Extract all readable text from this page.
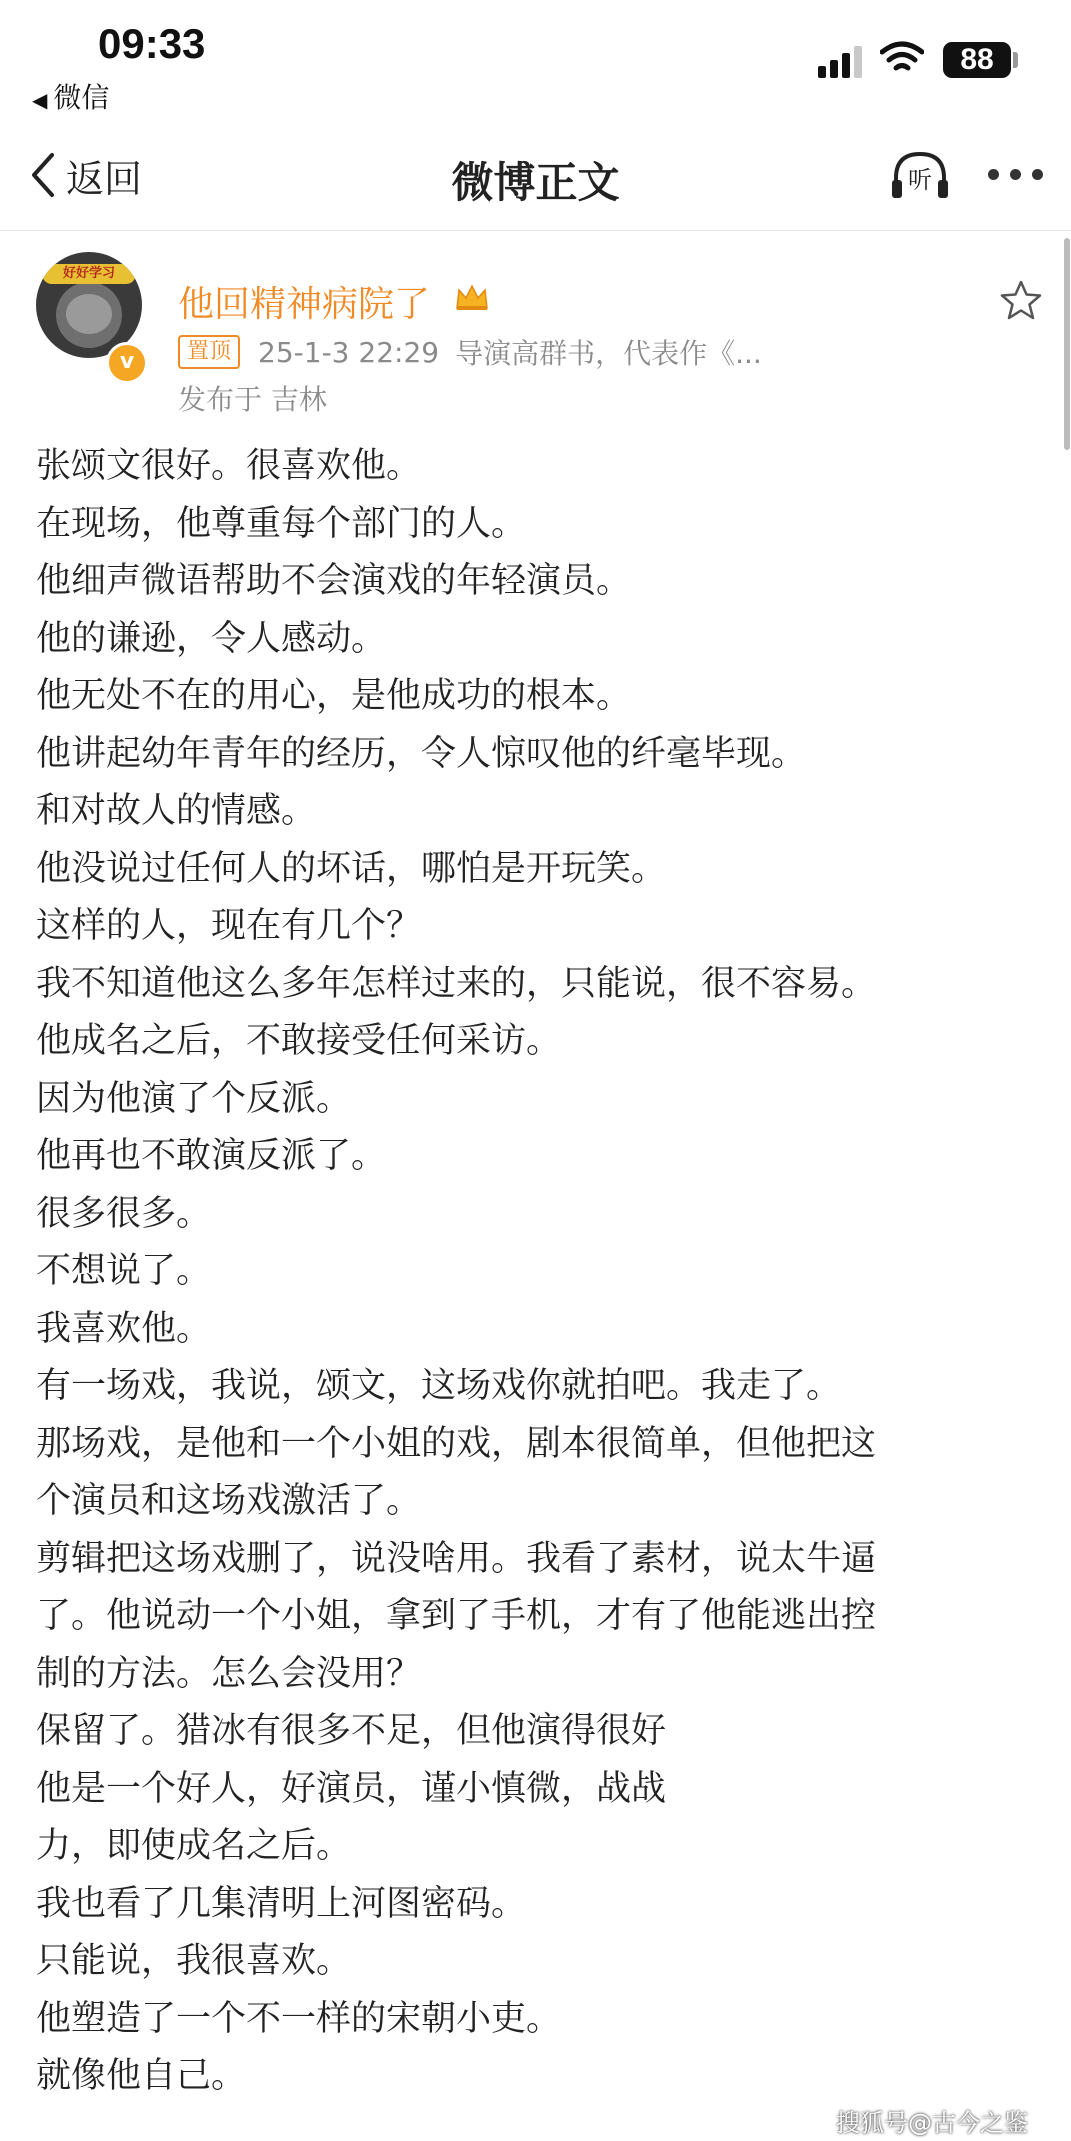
09:33
◀ 微信
88
返回	微博正文	听
好好学习
v
他回精神病院了
置顶 25-1-3 22:29 导演高群书，代表作《...
发布于 吉林
张颂文很好。很喜欢他。
在现场，他尊重每个部门的人。
他细声微语帮助不会演戏的年轻演员。
他的谦逊，令人感动。
他无处不在的用心，是他成功的根本。
他讲起幼年青年的经历，令人惊叹他的纤毫毕现。
和对故人的情感。
他没说过任何人的坏话，哪怕是开玩笑。
这样的人，现在有几个？
我不知道他这么多年怎样过来的，只能说，很不容易。
他成名之后，不敢接受任何采访。
因为他演了个反派。
他再也不敢演反派了。
很多很多。
不想说了。
我喜欢他。
有一场戏，我说，颂文，这场戏你就拍吧。我走了。
那场戏，是他和一个小姐的戏，剧本很简单，但他把这
个演员和这场戏激活了。
剪辑把这场戏删了，说没啥用。我看了素材，说太牛逼
了。他说动一个小姐，拿到了手机，才有了他能逃出控
制的方法。怎么会没用？
保留了。猎冰有很多不足，但他演得很好
他是一个好人，好演员，谨小慎微，战战
力，即使成名之后。
我也看了几集清明上河图密码。
只能说，我很喜欢。
他塑造了一个不一样的宋朝小吏。
就像他自己。
搜狐号@古今之鉴
